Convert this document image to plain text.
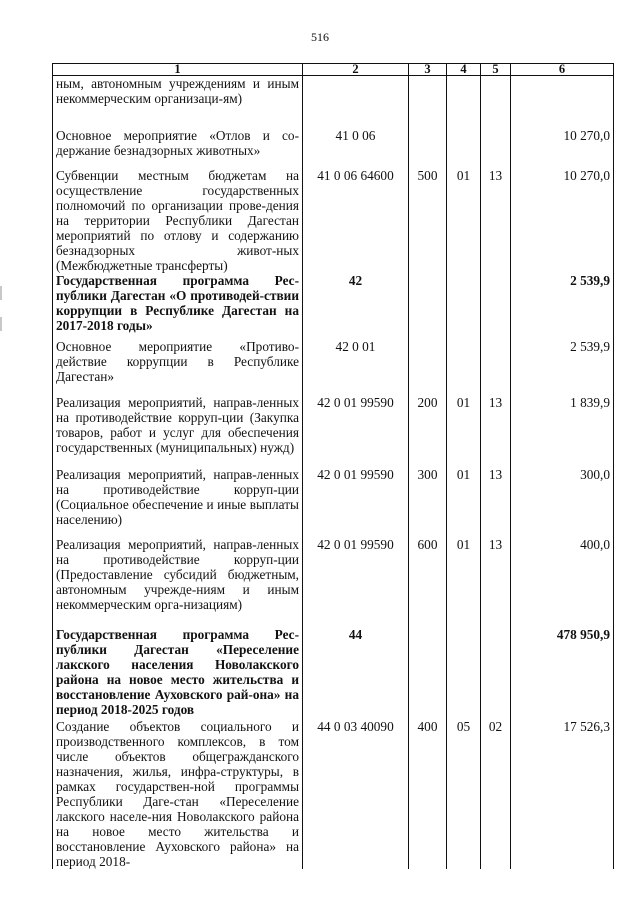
516
1	2	3	4	5	6
ным, автономным учреждениям и иным некоммерческим организаци-ям)					
Основное мероприятие «Отлов и со-держание безнадзорных животных»	41 0 06				10 270,0
Субвенции местным бюджетам на осуществление государственных полномочий по организации прове-дения на территории Республики Дагестан мероприятий по отлову и содержанию безнадзорных живот-ных (Межбюджетные трансферты)	41 0 06 64600	500	01	13	10 270,0
Государственная программа Рес-публики Дагестан «О противодей-ствии коррупции в Республике Дагестан на 2017-2018 годы»	42				2 539,9
Основное мероприятие «Противо-действие коррупции в Республике Дагестан»	42 0 01				2 539,9
Реализация мероприятий, направ-ленных на противодействие корруп-ции (Закупка товаров, работ и услуг для обеспечения государственных (муниципальных) нужд)	42 0 01 99590	200	01	13	1 839,9
Реализация мероприятий, направ-ленных на противодействие корруп-ции (Социальное обеспечение и иные выплаты населению)	42 0 01 99590	300	01	13	300,0
Реализация мероприятий, направ-ленных на противодействие корруп-ции (Предоставление субсидий бюджетным, автономным учрежде-ниям и иным некоммерческим орга-низациям)	42 0 01 99590	600	01	13	400,0
Государственная программа Рес-публики Дагестан «Переселение лакского населения Новолакского района на новое место жительства и восстановление Ауховского рай-она» на период 2018-2025 годов	44				478 950,9
Создание объектов социального и производственного комплексов, в том числе объектов общегражданского назначения, жилья, инфра-структуры, в рамках государствен-ной программы Республики Даге-стан «Переселение лакского населе-ния Новолакского района на новое место жительства и восстановление Ауховского района» на период 2018-	44 0 03 40090	400	05	02	17 526,3
